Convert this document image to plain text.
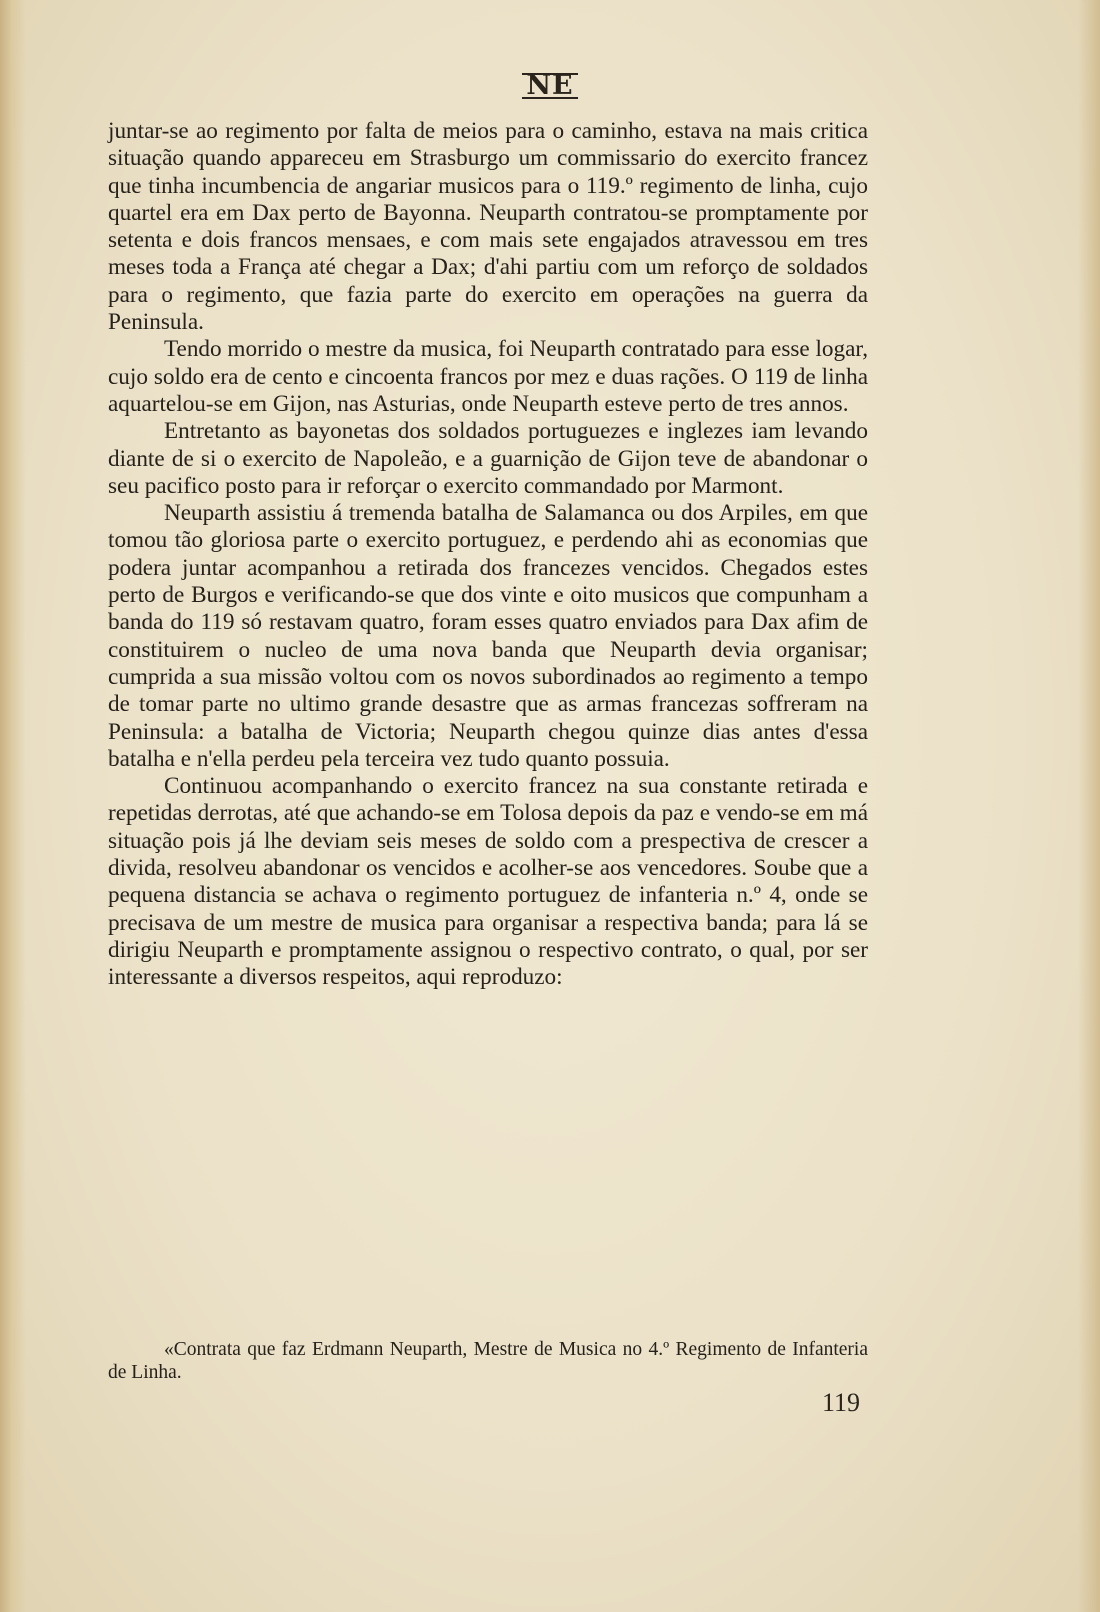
NE

juntar-se ao regimento por falta de meios para o caminho, estava na mais critica situação quando appareceu em Strasburgo um commissario do exercito francez que tinha incumbencia de angariar musicos para o 119.º regimento de linha, cujo quartel era em Dax perto de Bayonna. Neuparth contratou-se promptamente por setenta e dois francos mensaes, e com mais sete engajados atravessou em tres meses toda a França até chegar a Dax; d'ahi partiu com um reforço de soldados para o regimento, que fazia parte do exercito em operações na guerra da Peninsula.

Tendo morrido o mestre da musica, foi Neuparth contratado para esse logar, cujo soldo era de cento e cincoenta francos por mez e duas rações. O 119 de linha aquartelou-se em Gijon, nas Asturias, onde Neuparth esteve perto de tres annos.

Entretanto as bayonetas dos soldados portuguezes e inglezes iam levando diante de si o exercito de Napoleão, e a guarnição de Gijon teve de abandonar o seu pacifico posto para ir reforçar o exercito commandado por Marmont.

Neuparth assistiu á tremenda batalha de Salamanca ou dos Arpiles, em que tomou tão gloriosa parte o exercito portuguez, e perdendo ahi as economias que podera juntar acompanhou a retirada dos francezes vencidos. Chegados estes perto de Burgos e verificando-se que dos vinte e oito musicos que compunham a banda do 119 só restavam quatro, foram esses quatro enviados para Dax afim de constituirem o nucleo de uma nova banda que Neuparth devia organisar; cumprida a sua missão voltou com os novos subordinados ao regimento a tempo de tomar parte no ultimo grande desastre que as armas francezas soffreram na Peninsula: a batalha de Victoria; Neuparth chegou quinze dias antes d'essa batalha e n'ella perdeu pela terceira vez tudo quanto possuia.

Continuou acompanhando o exercito francez na sua constante retirada e repetidas derrotas, até que achando-se em Tolosa depois da paz e vendo-se em má situação pois já lhe deviam seis meses de soldo com a prespectiva de crescer a divida, resolveu abandonar os vencidos e acolher-se aos vencedores. Soube que a pequena distancia se achava o regimento portuguez de infanteria n.º 4, onde se precisava de um mestre de musica para organisar a respectiva banda; para lá se dirigiu Neuparth e promptamente assignou o respectivo contrato, o qual, por ser interessante a diversos respeitos, aqui reproduzo:

«Contrata que faz Erdmann Neuparth, Mestre de Musica no 4.º Regimento de Infanteria de Linha.
119
